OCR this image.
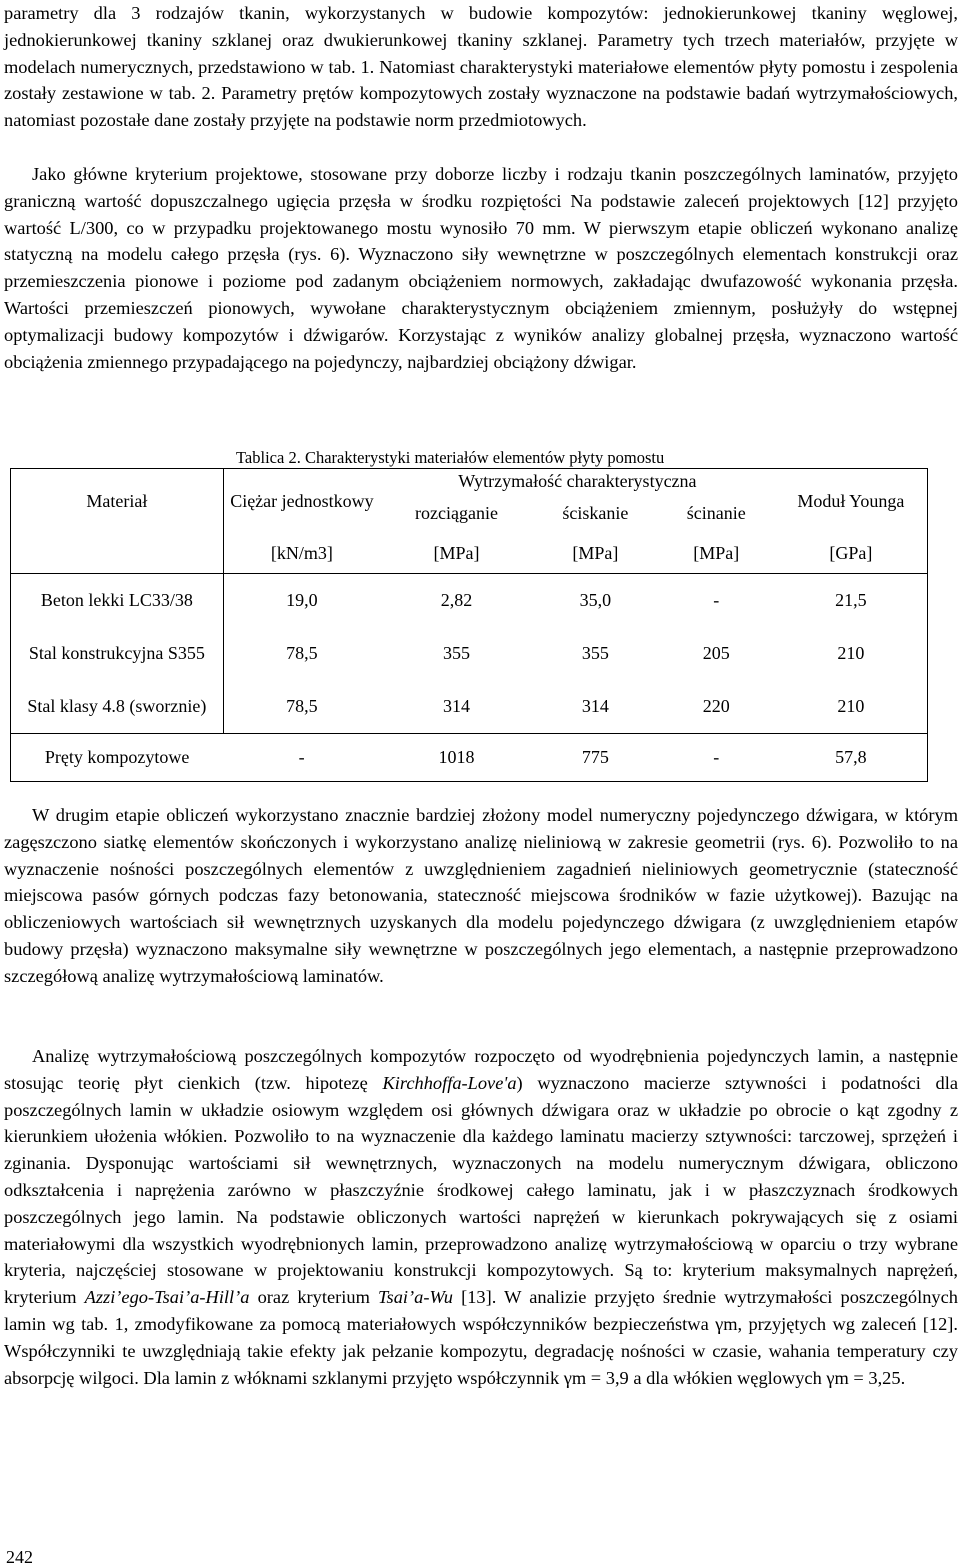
parametry dla 3 rodzajów tkanin, wykorzystanych w budowie kompozytów: jednokierunkowej tkaniny węglowej, jednokierunkowej tkaniny szklanej oraz dwukierunkowej tkaniny szklanej. Parametry tych trzech materiałów, przyjęte w modelach numerycznych, przedstawiono w tab. 1. Natomiast charakterystyki materiałowe elementów płyty pomostu i zespolenia zostały zestawione w tab. 2. Parametry prętów kompozytowych zostały wyznaczone na podstawie badań wytrzymałościowych, natomiast pozostałe dane zostały przyjęte na podstawie norm przedmiotowych.

Jako główne kryterium projektowe, stosowane przy doborze liczby i rodzaju tkanin poszczególnych laminatów, przyjęto graniczną wartość dopuszczalnego ugięcia przęsła w środku rozpiętości Na podstawie zaleceń projektowych [12] przyjęto wartość L/300, co w przypadku projektowanego mostu wynosiło 70 mm. W pierwszym etapie obliczeń wykonano analizę statyczną na modelu całego przęsła (rys. 6). Wyznaczono siły wewnętrzne w poszczególnych elementach konstrukcji oraz przemieszczenia pionowe i poziome pod zadanym obciążeniem normowych, zakładając dwufazowość wykonania przęsła. Wartości przemieszczeń pionowych, wywołane charakterystycznym obciążeniem zmiennym, posłużyły do wstępnej optymalizacji budowy kompozytów i dźwigarów. Korzystając z wyników analizy globalnej przęsła, wyznaczono wartość obciążenia zmiennego przypadającego na pojedynczy, najbardziej obciążony dźwigar.

Tablica 2. Charakterystyki materiałów elementów płyty pomostu

Materiał	Ciężar jednostkowy	Wytrzymałość charakterystyczna			Moduł Younga
		rozciąganie	ściskanie	ścinanie	
	[kN/m3]	[MPa]	[MPa]	[MPa]	[GPa]
Beton lekki LC33/38	19,0	2,82	35,0	-	21,5
Stal konstrukcyjna S355	78,5	355	355	205	210
Stal klasy 4.8 (sworznie)	78,5	314	314	220	210
Pręty kompozytowe	-	1018	775	-	57,8

W drugim etapie obliczeń wykorzystano znacznie bardziej złożony model numeryczny pojedynczego dźwigara, w którym zagęszczono siatkę elementów skończonych i wykorzystano analizę nieliniową w zakresie geometrii (rys. 6). Pozwoliło to na wyznaczenie nośności poszczególnych elementów z uwzględnieniem zagadnień nieliniowych geometrycznie (stateczność miejscowa pasów górnych podczas fazy betonowania, stateczność miejscowa środników w fazie użytkowej). Bazując na obliczeniowych wartościach sił wewnętrznych uzyskanych dla modelu pojedynczego dźwigara (z uwzględnieniem etapów budowy przęsła) wyznaczono maksymalne siły wewnętrzne w poszczególnych jego elementach, a następnie przeprowadzono szczegółową analizę wytrzymałościową laminatów.

Analizę wytrzymałościową poszczególnych kompozytów rozpoczęto od wyodrębnienia pojedynczych lamin, a następnie stosując teorię płyt cienkich (tzw. hipotezę Kirchhoffa-Love'a) wyznaczono macierze sztywności i podatności dla poszczególnych lamin w układzie osiowym względem osi głównych dźwigara oraz w układzie po obrocie o kąt zgodny z kierunkiem ułożenia włókien. Pozwoliło to na wyznaczenie dla każdego laminatu macierzy sztywności: tarczowej, sprzężeń i zginania. Dysponując wartościami sił wewnętrznych, wyznaczonych na modelu numerycznym dźwigara, obliczono odkształcenia i naprężenia zarówno w płaszczyźnie środkowej całego laminatu, jak i w płaszczyznach środkowych poszczególnych jego lamin. Na podstawie obliczonych wartości naprężeń w kierunkach pokrywających się z osiami materiałowymi dla wszystkich wyodrębnionych lamin, przeprowadzono analizę wytrzymałościową w oparciu o trzy wybrane kryteria, najczęściej stosowane w projektowaniu konstrukcji kompozytowych. Są to: kryterium maksymalnych naprężeń, kryterium Azzi’ego-Tsai’a-Hill’a oraz kryterium Tsai’a-Wu [13]. W analizie przyjęto średnie wytrzymałości poszczególnych lamin wg tab. 1, zmodyfikowane za pomocą materiałowych współczynników bezpieczeństwa γm, przyjętych wg zaleceń [12]. Współczynniki te uwzględniają takie efekty jak pełzanie kompozytu, degradację nośności w czasie, wahania temperatury czy absorpcję wilgoci. Dla lamin z włóknami szklanymi przyjęto współczynnik γm = 3,9 a dla włókien węglowych γm = 3,25.

242
